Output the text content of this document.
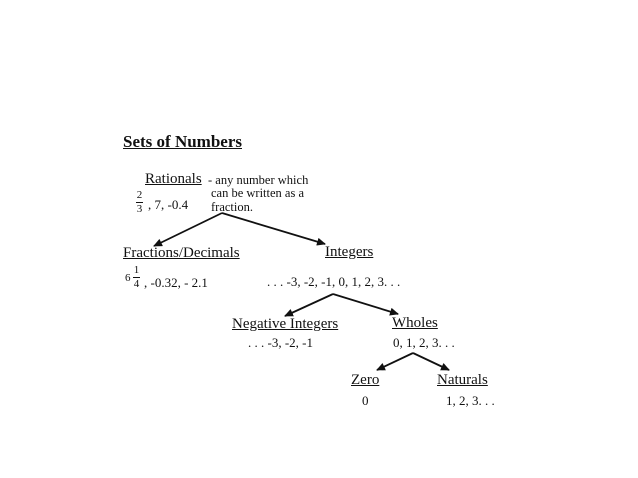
Sets of Numbers
Rationals - any number which
can be written as a
fraction.
2
3 , 7, -0.4
Fractions/Decimals
6
1
4 , -0.32, - 2.1
Integers
. . . -3, -2, -1, 0, 1, 2, 3. . .
Negative Integers
. . . -3, -2, -1
Wholes
0, 1, 2, 3. . .
Zero
0
Naturals
1, 2, 3. . .
